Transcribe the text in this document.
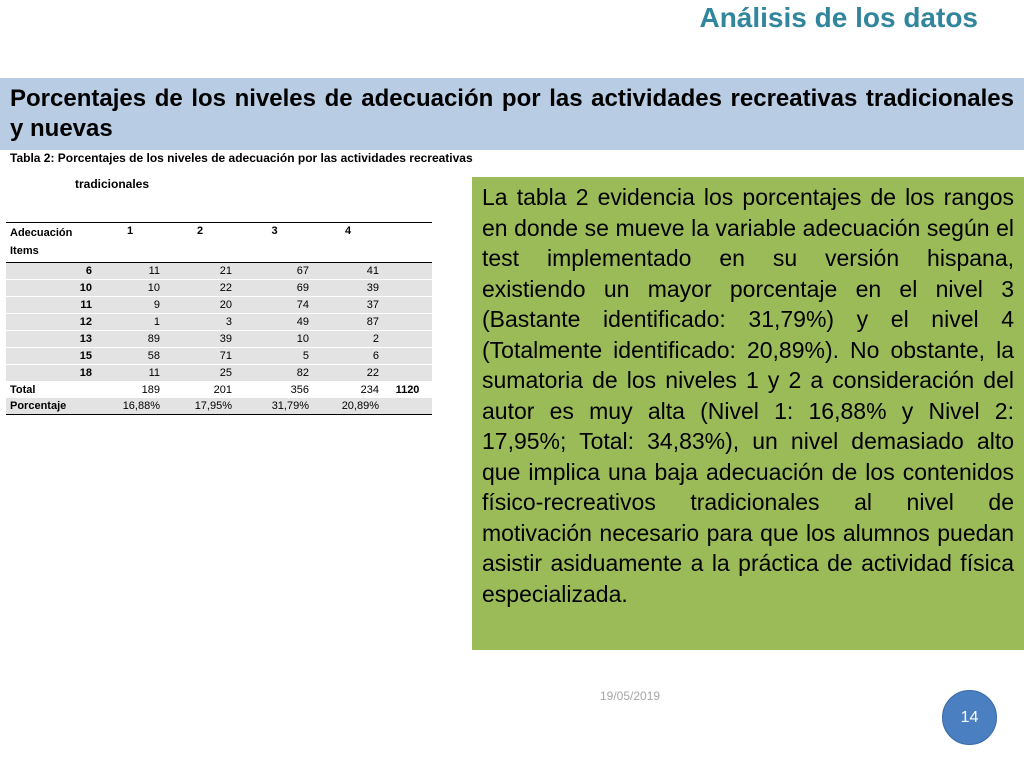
Análisis de los datos

Porcentajes de los niveles de adecuación por las actividades recreativas tradicionales y nuevas

Tabla 2: Porcentajes de los niveles de adecuación por las actividades recreativas
tradicionales
Adecuación
Items	1	2	3	4	
6	11	21	67	41	
10	10	22	69	39	
11	9	20	74	37	
12	1	3	49	87	
13	89	39	10	2	
15	58	71	5	6	
18	11	25	82	22	
Total	189	201	356	234	1120
Porcentaje	16,88%	17,95%	31,79%	20,89%	

La tabla 2 evidencia los porcentajes de los rangos en donde se mueve la variable adecuación según el test implementado en su versión hispana, existiendo un mayor porcentaje en el nivel 3 (Bastante identificado: 31,79%) y el nivel 4 (Totalmente identificado: 20,89%). No obstante, la sumatoria de los niveles 1 y 2 a consideración del autor es muy alta (Nivel 1: 16,88% y Nivel 2: 17,95%; Total: 34,83%), un nivel demasiado alto que implica una baja adecuación de los contenidos físico-recreativos tradicionales al nivel de motivación necesario para que los alumnos puedan asistir asiduamente a la práctica de actividad física especializada.

19/05/2019
14
